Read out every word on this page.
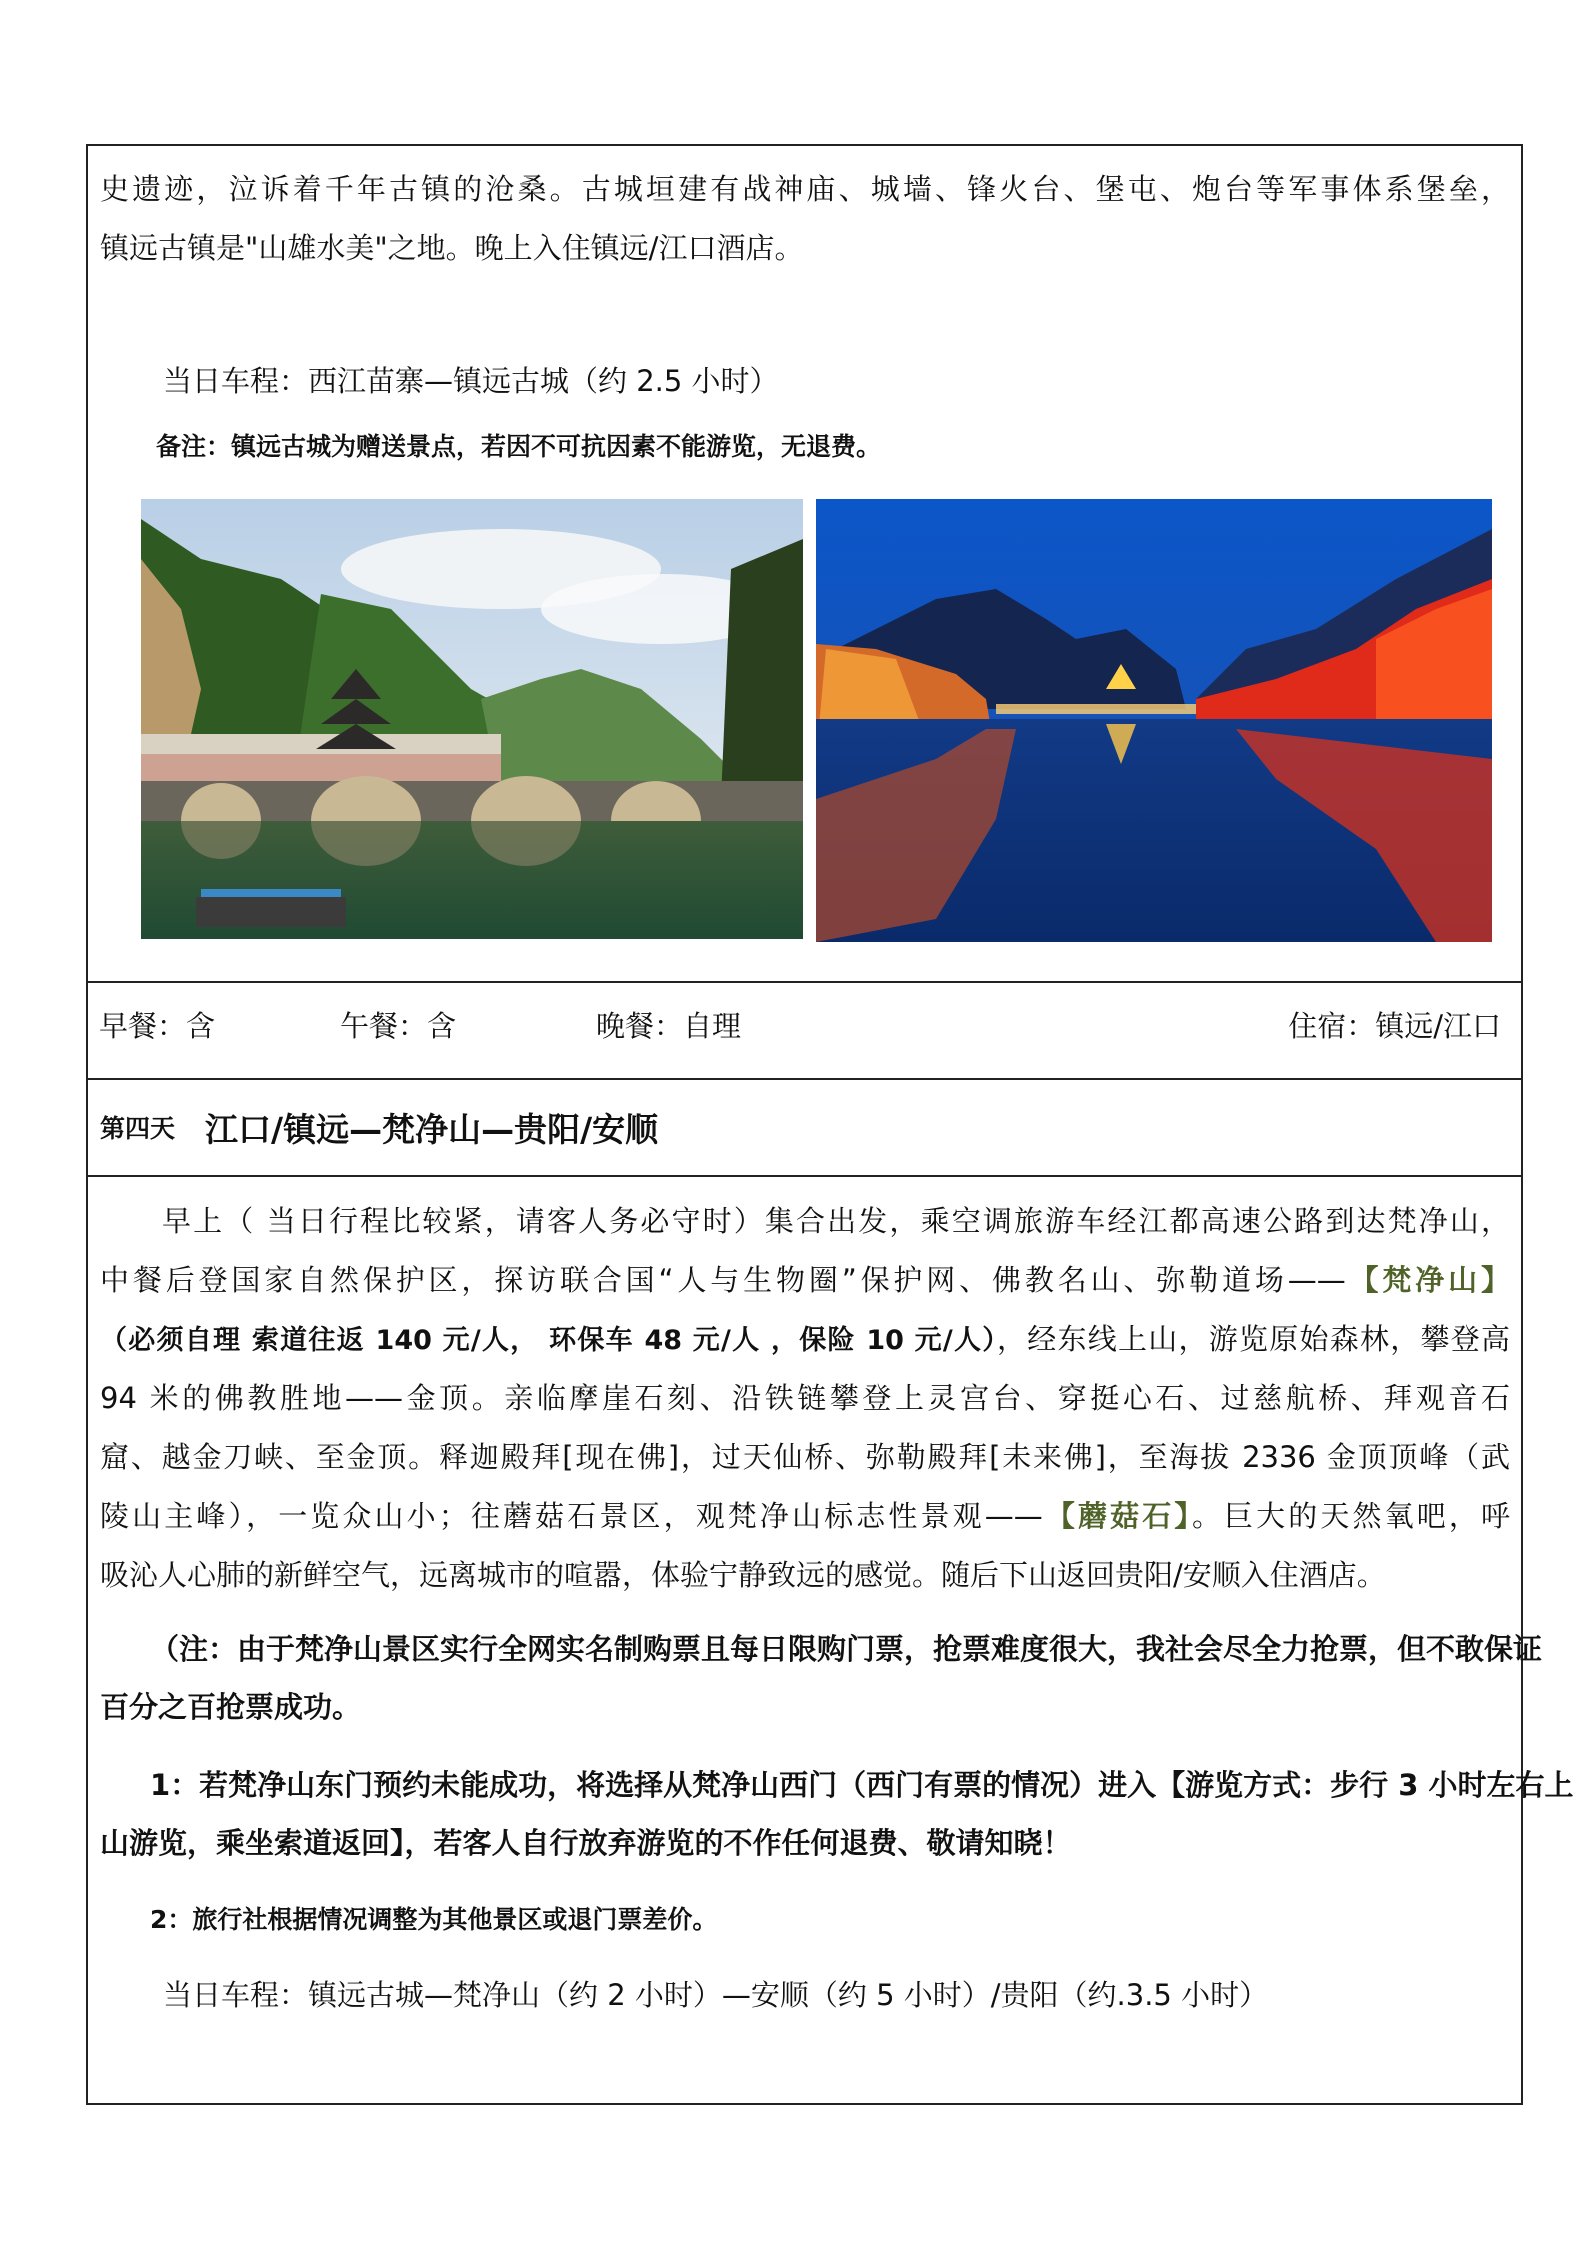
史遗迹，泣诉着千年古镇的沧桑。古城垣建有战神庙、城墙、锋火台、堡屯、炮台等军事体系堡垒，
镇远古镇是"山雄水美"之地。晚上入住镇远/江口酒店。
当日车程：西江苗寨—镇远古城（约 2.5 小时）
备注：镇远古城为赠送景点，若因不可抗因素不能游览，无退费。
早餐：含	午餐：含	晚餐：自理	住宿：镇远/江口
第四天 江口/镇远—梵净山—贵阳/安顺
早上（ 当日行程比较紧，请客人务必守时）集合出发，乘空调旅游车经江都高速公路到达梵净山，
中餐后登国家自然保护区，探访联合国“人与生物圈”保护网、佛教名山、弥勒道场——【梵净山】
（必须自理 索道往返 140 元/人， 环保车 48 元/人 ，保险 10 元/人），经东线上山，游览原始森林，攀登高
94 米的佛教胜地——金顶。亲临摩崖石刻、沿铁链攀登上灵宫台、穿挺心石、过慈航桥、拜观音石
窟、越金刀峡、至金顶。释迦殿拜[现在佛]，过天仙桥、弥勒殿拜[未来佛]，至海拔 2336 金顶顶峰（武
陵山主峰），一览众山小；往蘑菇石景区，观梵净山标志性景观——【蘑菇石】。巨大的天然氧吧，呼
吸沁人心肺的新鲜空气，远离城市的喧嚣，体验宁静致远的感觉。随后下山返回贵阳/安顺入住酒店。
（注：由于梵净山景区实行全网实名制购票且每日限购门票，抢票难度很大，我社会尽全力抢票，但不敢保证
百分之百抢票成功。
1：若梵净山东门预约未能成功，将选择从梵净山西门（西门有票的情况）进入【游览方式：步行 3 小时左右上
山游览，乘坐索道返回】，若客人自行放弃游览的不作任何退费、敬请知晓！
2：旅行社根据情况调整为其他景区或退门票差价。
当日车程：镇远古城—梵净山（约 2 小时）—安顺（约 5 小时）/贵阳（约.3.5 小时）
